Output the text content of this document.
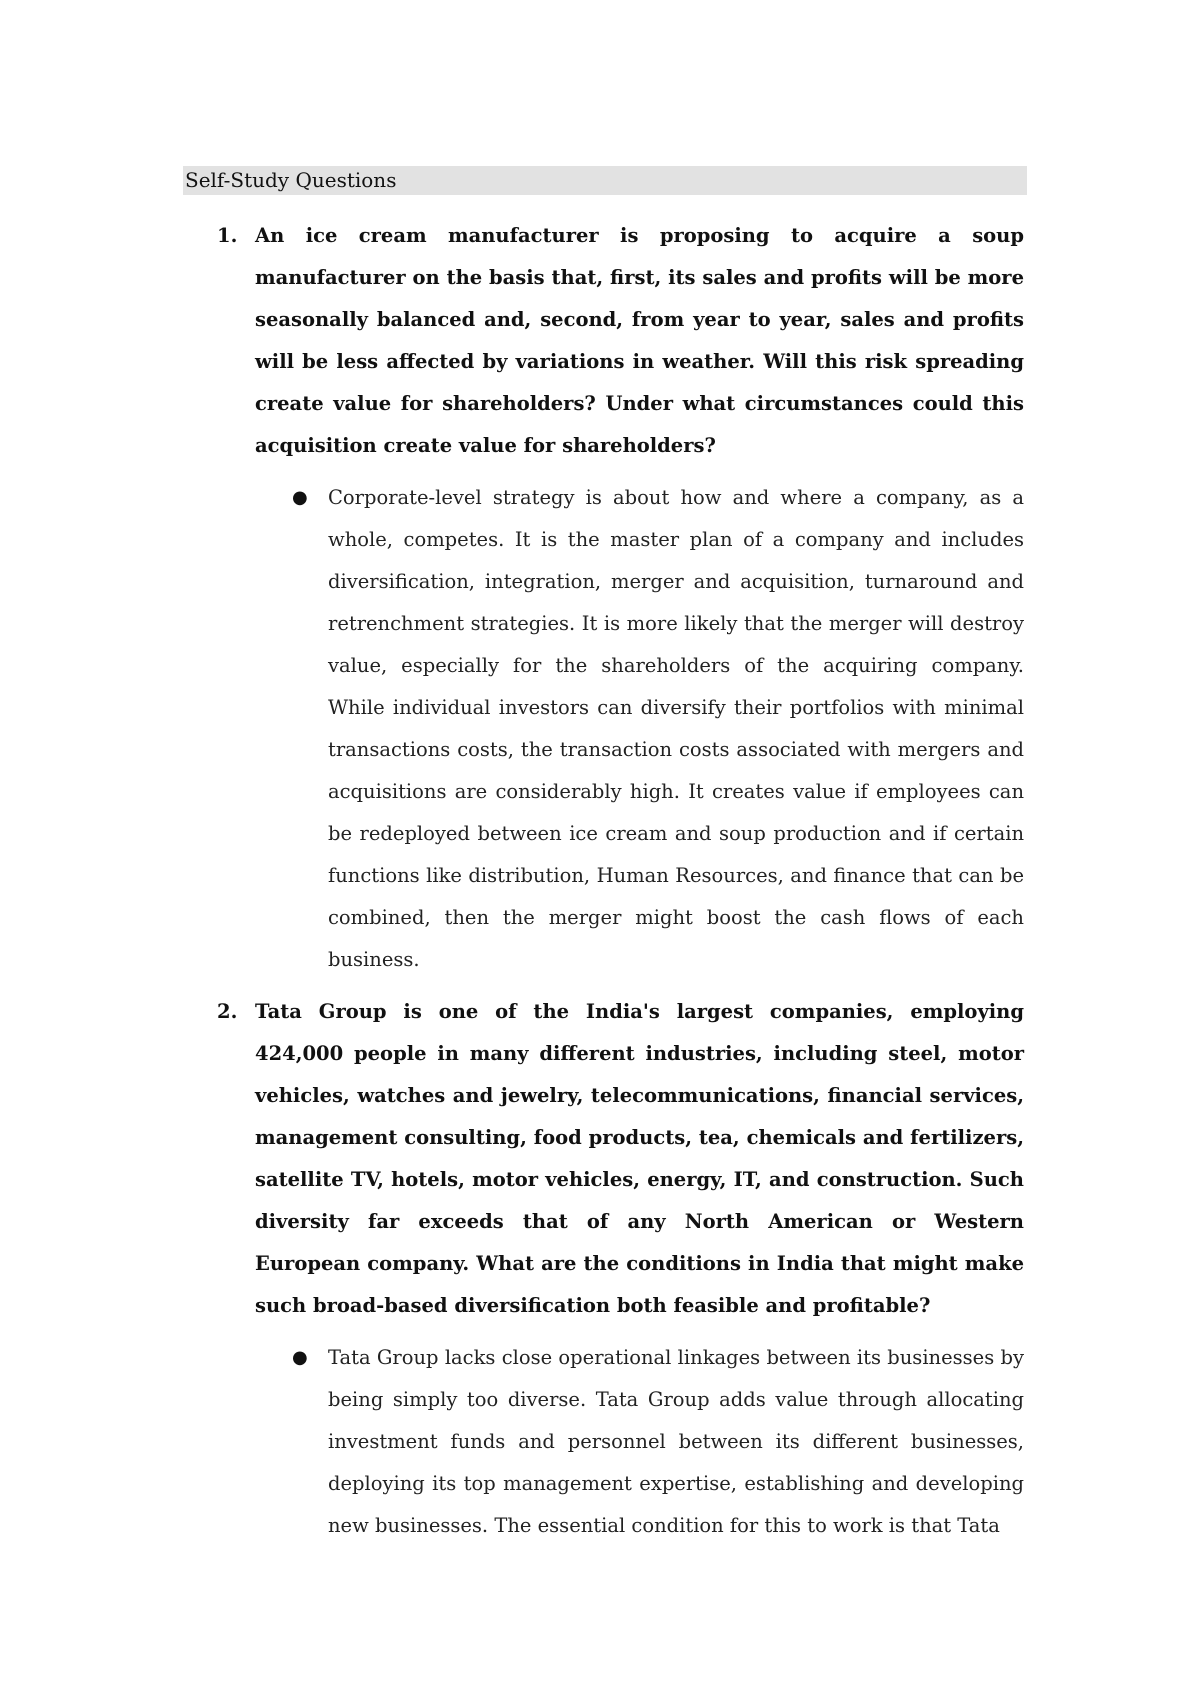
Self-Study Questions
1. An ice cream manufacturer is proposing to acquire a soup manufacturer on the basis that, first, its sales and profits will be more seasonally balanced and, second, from year to year, sales and profits will be less affected by variations in weather. Will this risk spreading create value for shareholders? Under what circumstances could this acquisition create value for shareholders?
● Corporate-level strategy is about how and where a company, as a whole, competes. It is the master plan of a company and includes diversification, integration, merger and acquisition, turnaround and retrenchment strategies. It is more likely that the merger will destroy value, especially for the shareholders of the acquiring company. While individual investors can diversify their portfolios with minimal transactions costs, the transaction costs associated with mergers and acquisitions are considerably high. It creates value if employees can be redeployed between ice cream and soup production and if certain functions like distribution, Human Resources, and finance that can be combined, then the merger might boost the cash flows of each business.
2. Tata Group is one of the India's largest companies, employing 424,000 people in many different industries, including steel, motor vehicles, watches and jewelry, telecommunications, financial services, management consulting, food products, tea, chemicals and fertilizers, satellite TV, hotels, motor vehicles, energy, IT, and construction. Such diversity far exceeds that of any North American or Western European company. What are the conditions in India that might make such broad-based diversification both feasible and profitable?
● Tata Group lacks close operational linkages between its businesses by being simply too diverse. Tata Group adds value through allocating investment funds and personnel between its different businesses, deploying its top management expertise, establishing and developing new businesses. The essential condition for this to work is that Tata
